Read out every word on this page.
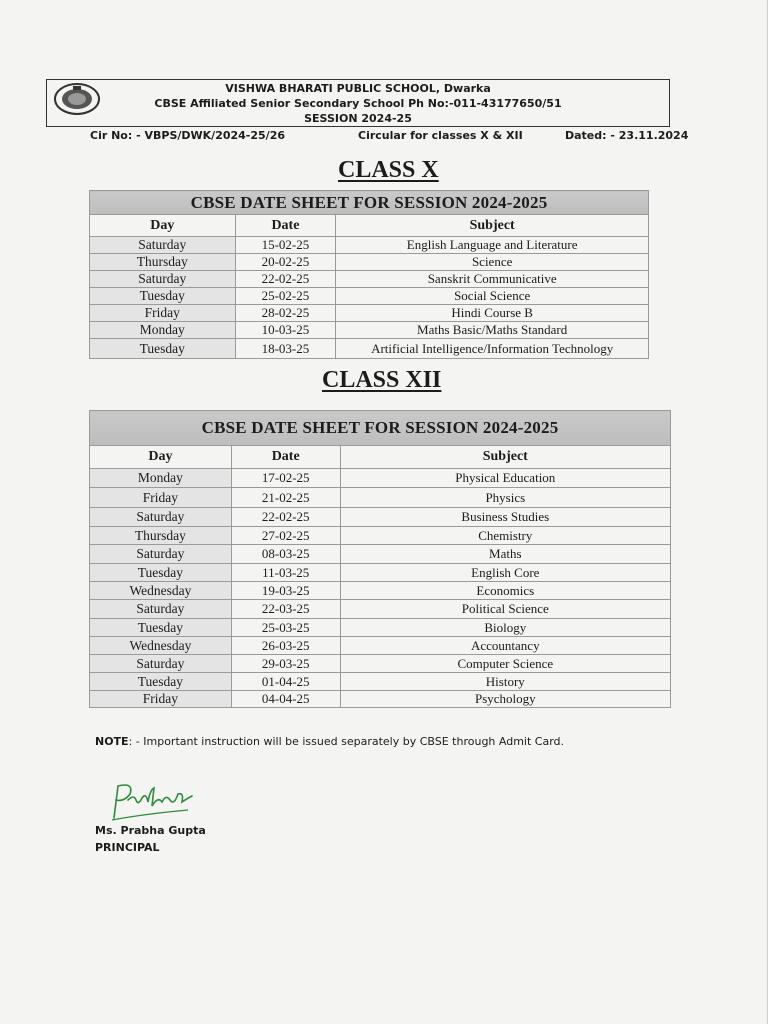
VISHWA BHARATI PUBLIC SCHOOL, Dwarka
CBSE Affiliated Senior Secondary School Ph No:-011-43177650/51
SESSION 2024-25
Cir No: - VBPS/DWK/2024-25/26	Circular for classes X & XII	Dated: - 23.11.2024
CLASS X
CBSE DATE SHEET FOR SESSION 2024-2025		
Day	Date	Subject
Saturday	15-02-25	English Language and Literature
Thursday	20-02-25	Science
Saturday	22-02-25	Sanskrit Communicative
Tuesday	25-02-25	Social Science
Friday	28-02-25	Hindi Course B
Monday	10-03-25	Maths Basic/Maths Standard
Tuesday	18-03-25	Artificial Intelligence/Information Technology
CLASS XII
CBSE DATE SHEET FOR SESSION 2024-2025		
Day	Date	Subject
Monday	17-02-25	Physical Education
Friday	21-02-25	Physics
Saturday	22-02-25	Business Studies
Thursday	27-02-25	Chemistry
Saturday	08-03-25	Maths
Tuesday	11-03-25	English Core
Wednesday	19-03-25	Economics
Saturday	22-03-25	Political Science
Tuesday	25-03-25	Biology
Wednesday	26-03-25	Accountancy
Saturday	29-03-25	Computer Science
Tuesday	01-04-25	History
Friday	04-04-25	Psychology
NOTE: - Important instruction will be issued separately by CBSE through Admit Card.
Ms. Prabha Gupta
PRINCIPAL
